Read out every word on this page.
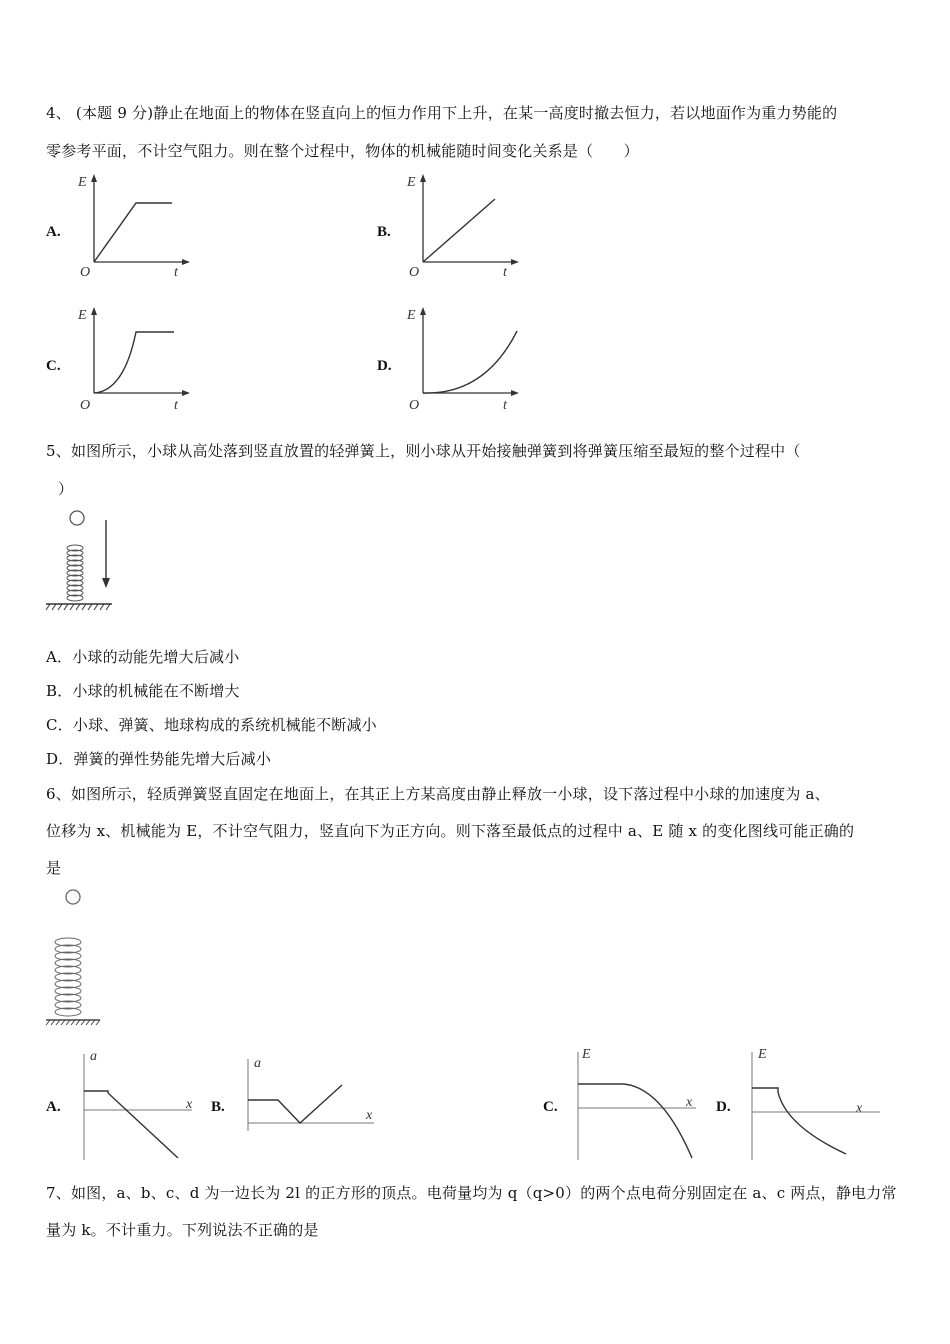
4、 (本题 9 分)静止在地面上的物体在竖直向上的恒力作用下上升，在某一高度时撤去恒力，若以地面作为重力势能的
零参考平面，不计空气阻力。则在整个过程中，物体的机械能随时间变化关系是（　　）
A.	B.
C.	D.
E
O	t
E
O	t
E
O	t
E
O	t
5、如图所示，小球从高处落到竖直放置的轻弹簧上，则小球从开始接触弹簧到将弹簧压缩至最短的整个过程中（
）
A．小球的动能先增大后减小
B．小球的机械能在不断增大
C．小球、弹簧、地球构成的系统机械能不断减小
D．弹簧的弹性势能先增大后减小
6、如图所示，轻质弹簧竖直固定在地面上，在其正上方某高度由静止释放一小球，设下落过程中小球的加速度为 a、
位移为 x、机械能为 E，不计空气阻力，竖直向下为正方向。则下落至最低点的过程中 a、E 随 x 的变化图线可能正确的
是
A.	B.	C.	D.
a
x
a
x
E
x
E
x
7、如图，a、b、c、d 为一边长为 2l 的正方形的顶点。电荷量均为 q（q>0）的两个点电荷分别固定在 a、c 两点，静电力常
量为 k。不计重力。下列说法不正确的是
